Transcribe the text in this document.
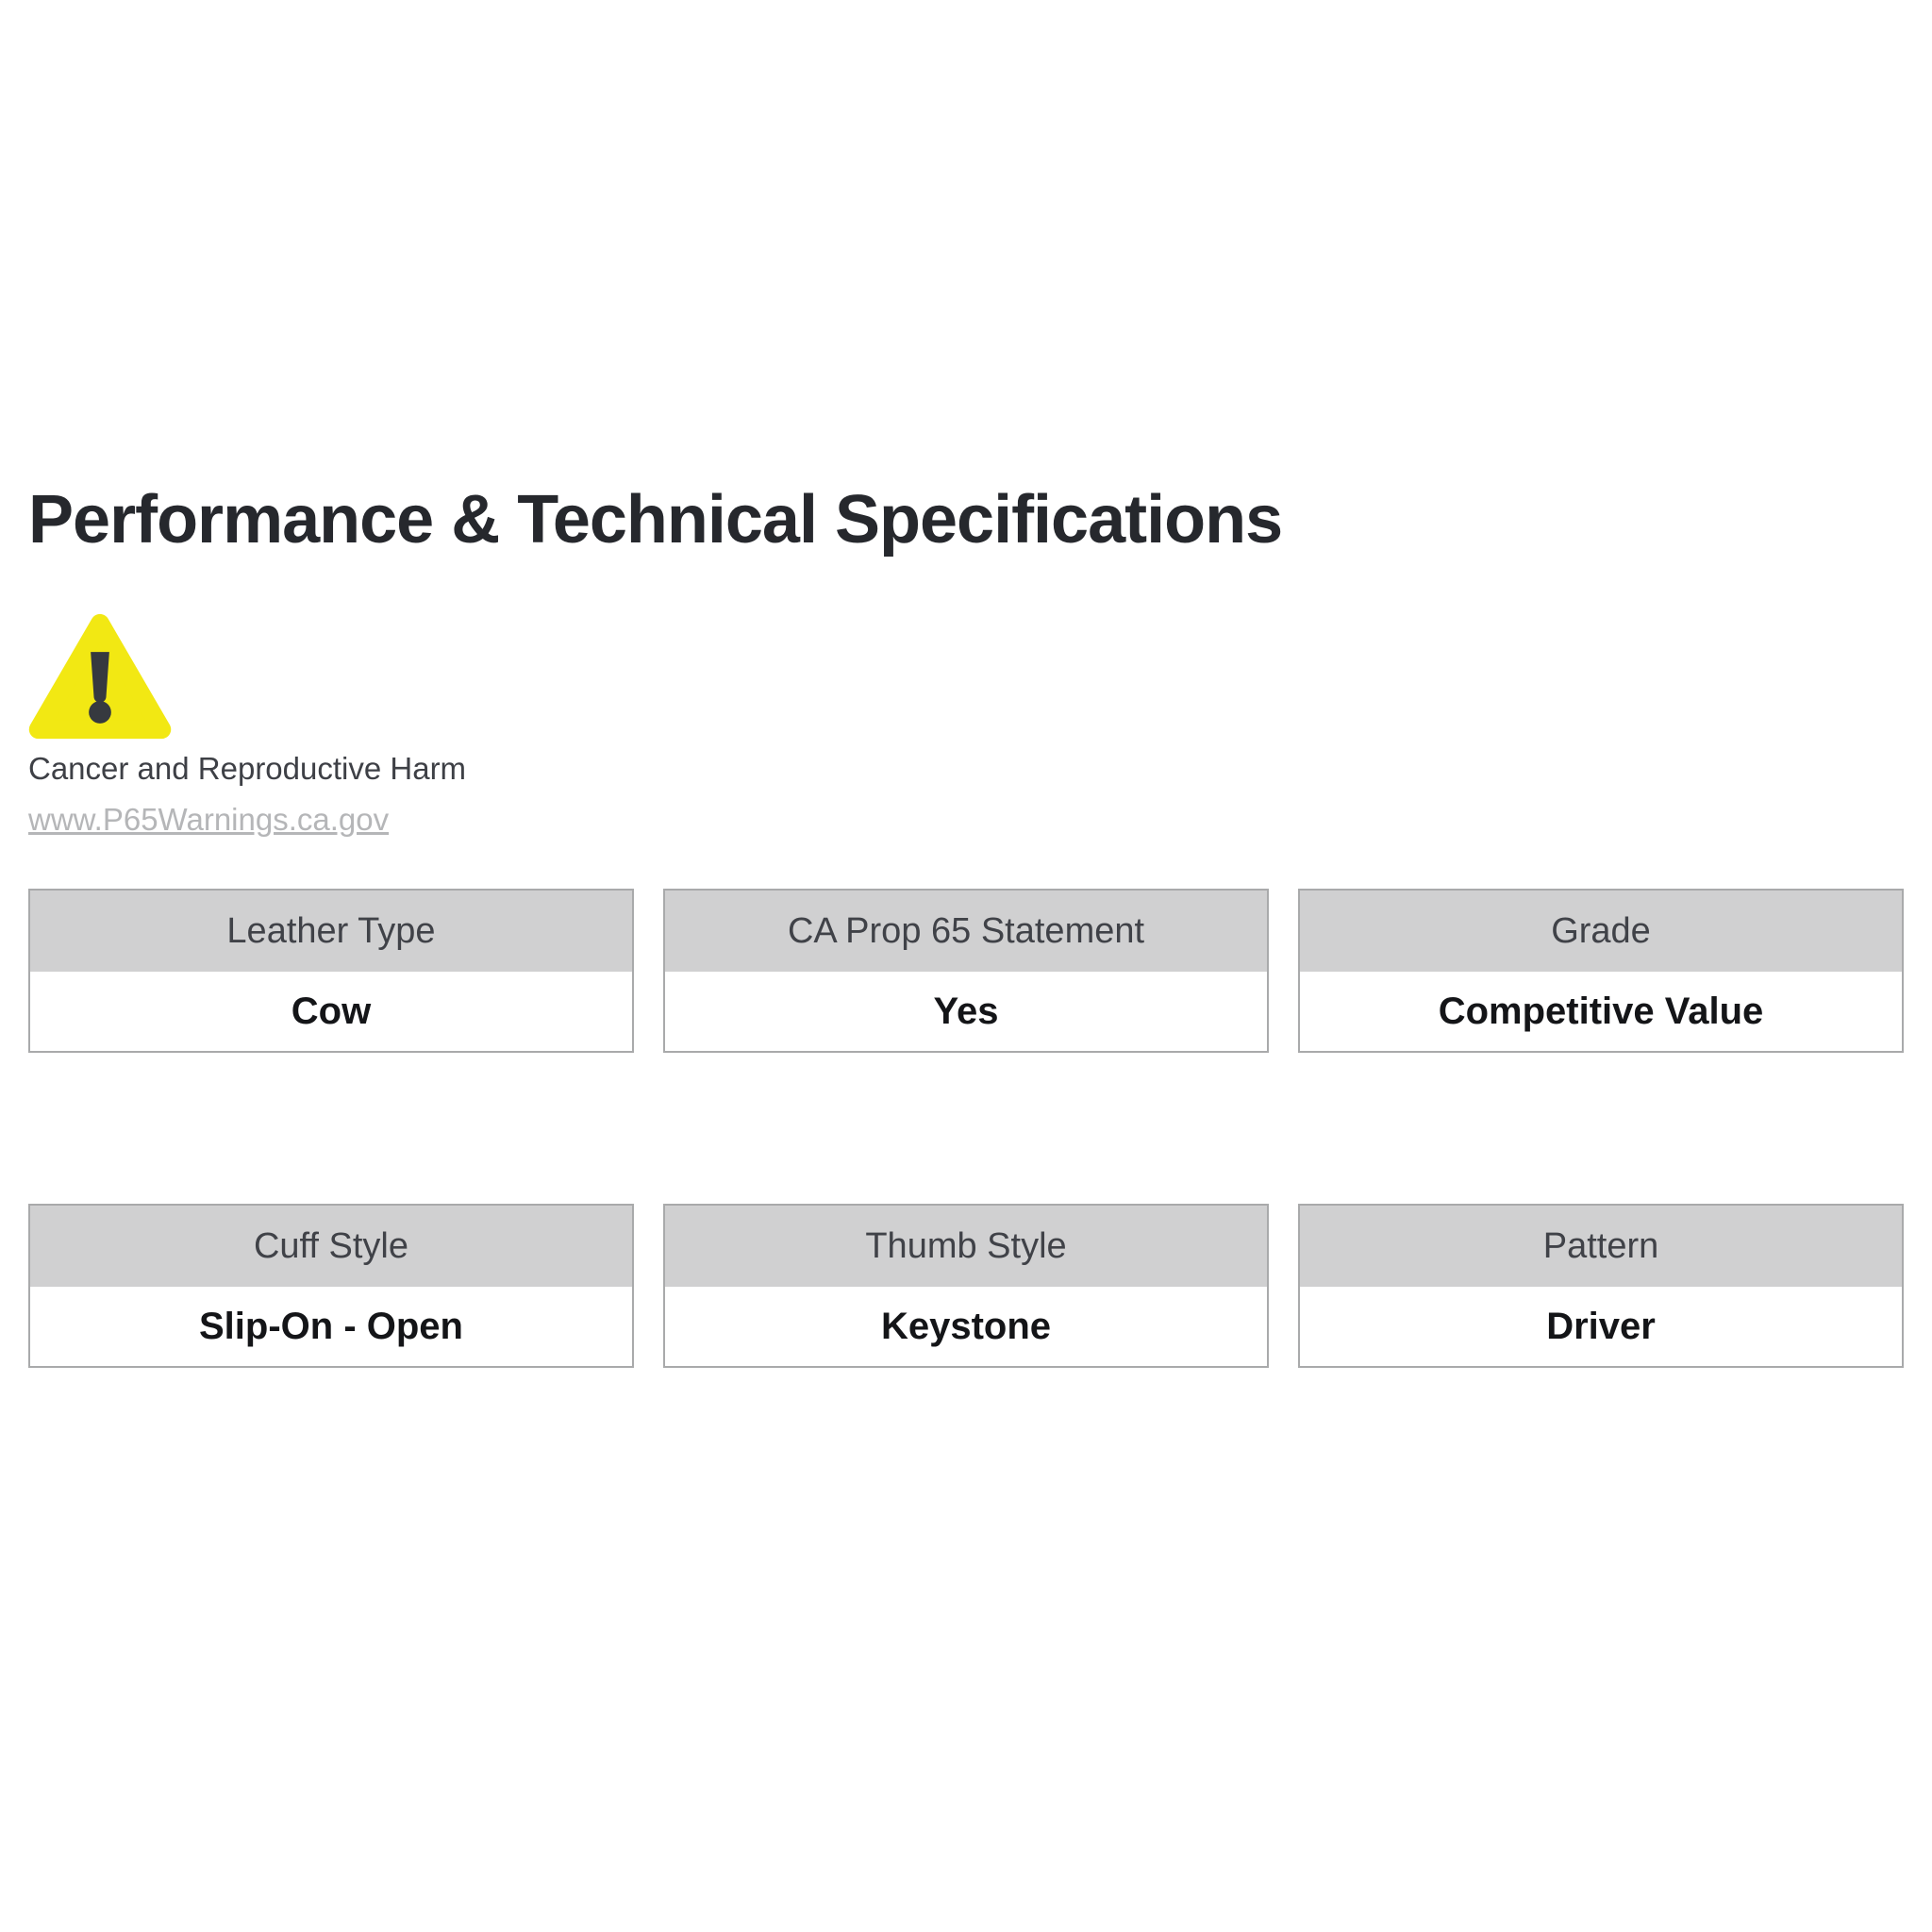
Performance & Technical Specifications
Cancer and Reproductive Harm
www.P65Warnings.ca.gov
Leather Type
Cow
CA Prop 65 Statement
Yes
Grade
Competitive Value
Cuff Style
Slip-On - Open
Thumb Style
Keystone
Pattern
Driver
